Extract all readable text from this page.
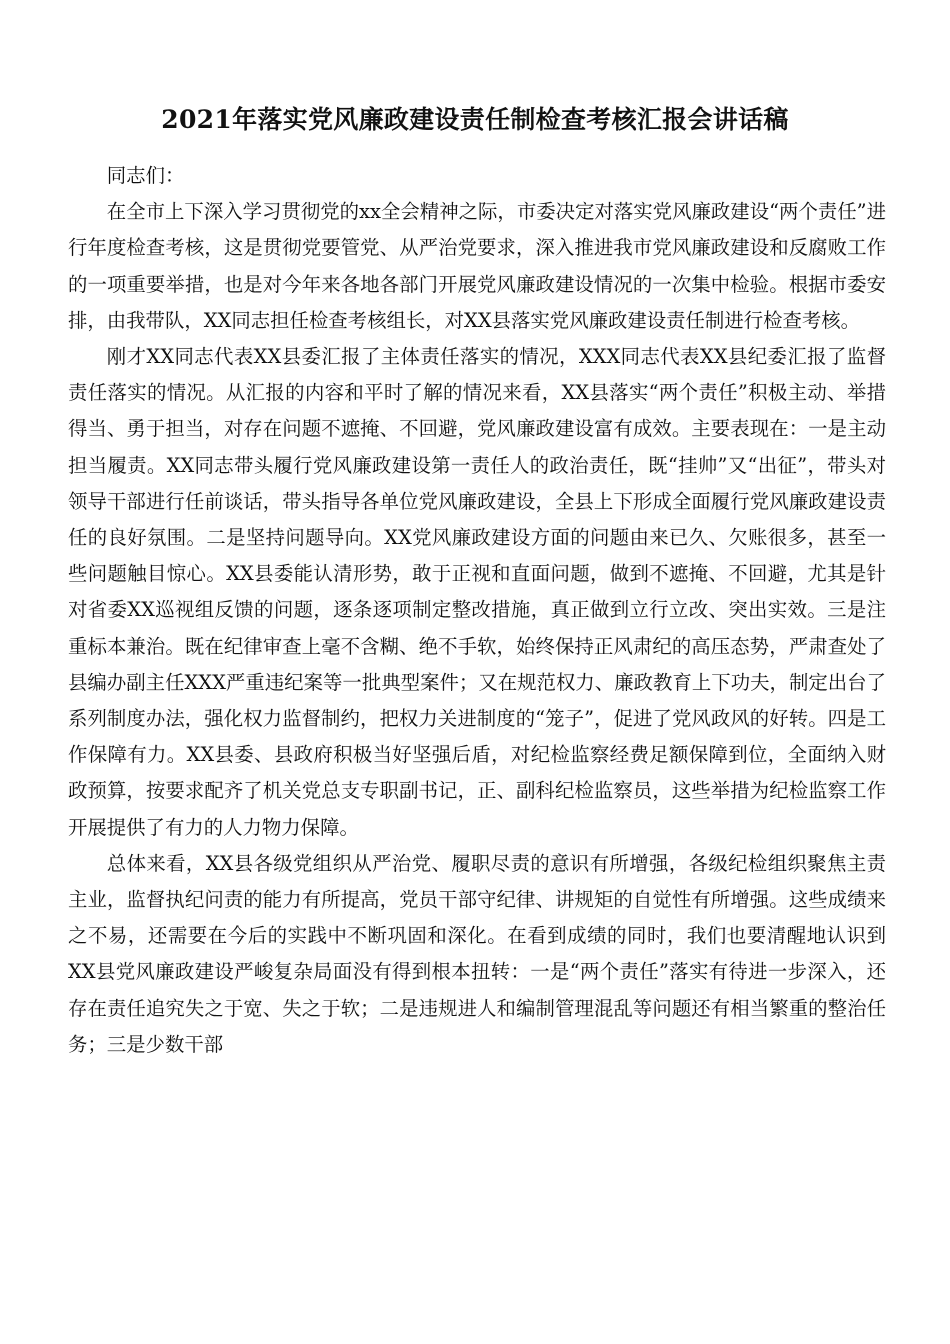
2021年落实党风廉政建设责任制检查考核汇报会讲话稿

同志们：

在全市上下深入学习贯彻党的xx全会精神之际，市委决定对落实党风廉政建设“两个责任”进行年度检查考核，这是贯彻党要管党、从严治党要求，深入推进我市党风廉政建设和反腐败工作的一项重要举措，也是对今年来各地各部门开展党风廉政建设情况的一次集中检验。根据市委安排，由我带队，XX同志担任检查考核组长，对XX县落实党风廉政建设责任制进行检查考核。

刚才XX同志代表XX县委汇报了主体责任落实的情况，XXX同志代表XX县纪委汇报了监督责任落实的情况。从汇报的内容和平时了解的情况来看，XX县落实“两个责任”积极主动、举措得当、勇于担当，对存在问题不遮掩、不回避，党风廉政建设富有成效。主要表现在：一是主动担当履责。XX同志带头履行党风廉政建设第一责任人的政治责任，既“挂帅”又“出征”，带头对领导干部进行任前谈话，带头指导各单位党风廉政建设，全县上下形成全面履行党风廉政建设责任的良好氛围。二是坚持问题导向。XX党风廉政建设方面的问题由来已久、欠账很多，甚至一些问题触目惊心。XX县委能认清形势，敢于正视和直面问题，做到不遮掩、不回避，尤其是针对省委XX巡视组反馈的问题，逐条逐项制定整改措施，真正做到立行立改、突出实效。三是注重标本兼治。既在纪律审查上毫不含糊、绝不手软，始终保持正风肃纪的高压态势，严肃查处了县编办副主任XXX严重违纪案等一批典型案件；又在规范权力、廉政教育上下功夫，制定出台了系列制度办法，强化权力监督制约，把权力关进制度的“笼子”，促进了党风政风的好转。四是工作保障有力。XX县委、县政府积极当好坚强后盾，对纪检监察经费足额保障到位，全面纳入财政预算，按要求配齐了机关党总支专职副书记，正、副科纪检监察员，这些举措为纪检监察工作开展提供了有力的人力物力保障。

总体来看，XX县各级党组织从严治党、履职尽责的意识有所增强，各级纪检组织聚焦主责主业，监督执纪问责的能力有所提高，党员干部守纪律、讲规矩的自觉性有所增强。这些成绩来之不易，还需要在今后的实践中不断巩固和深化。在看到成绩的同时，我们也要清醒地认识到XX县党风廉政建设严峻复杂局面没有得到根本扭转：一是“两个责任”落实有待进一步深入，还存在责任追究失之于宽、失之于软；二是违规进人和编制管理混乱等问题还有相当繁重的整治任务；三是少数干部
